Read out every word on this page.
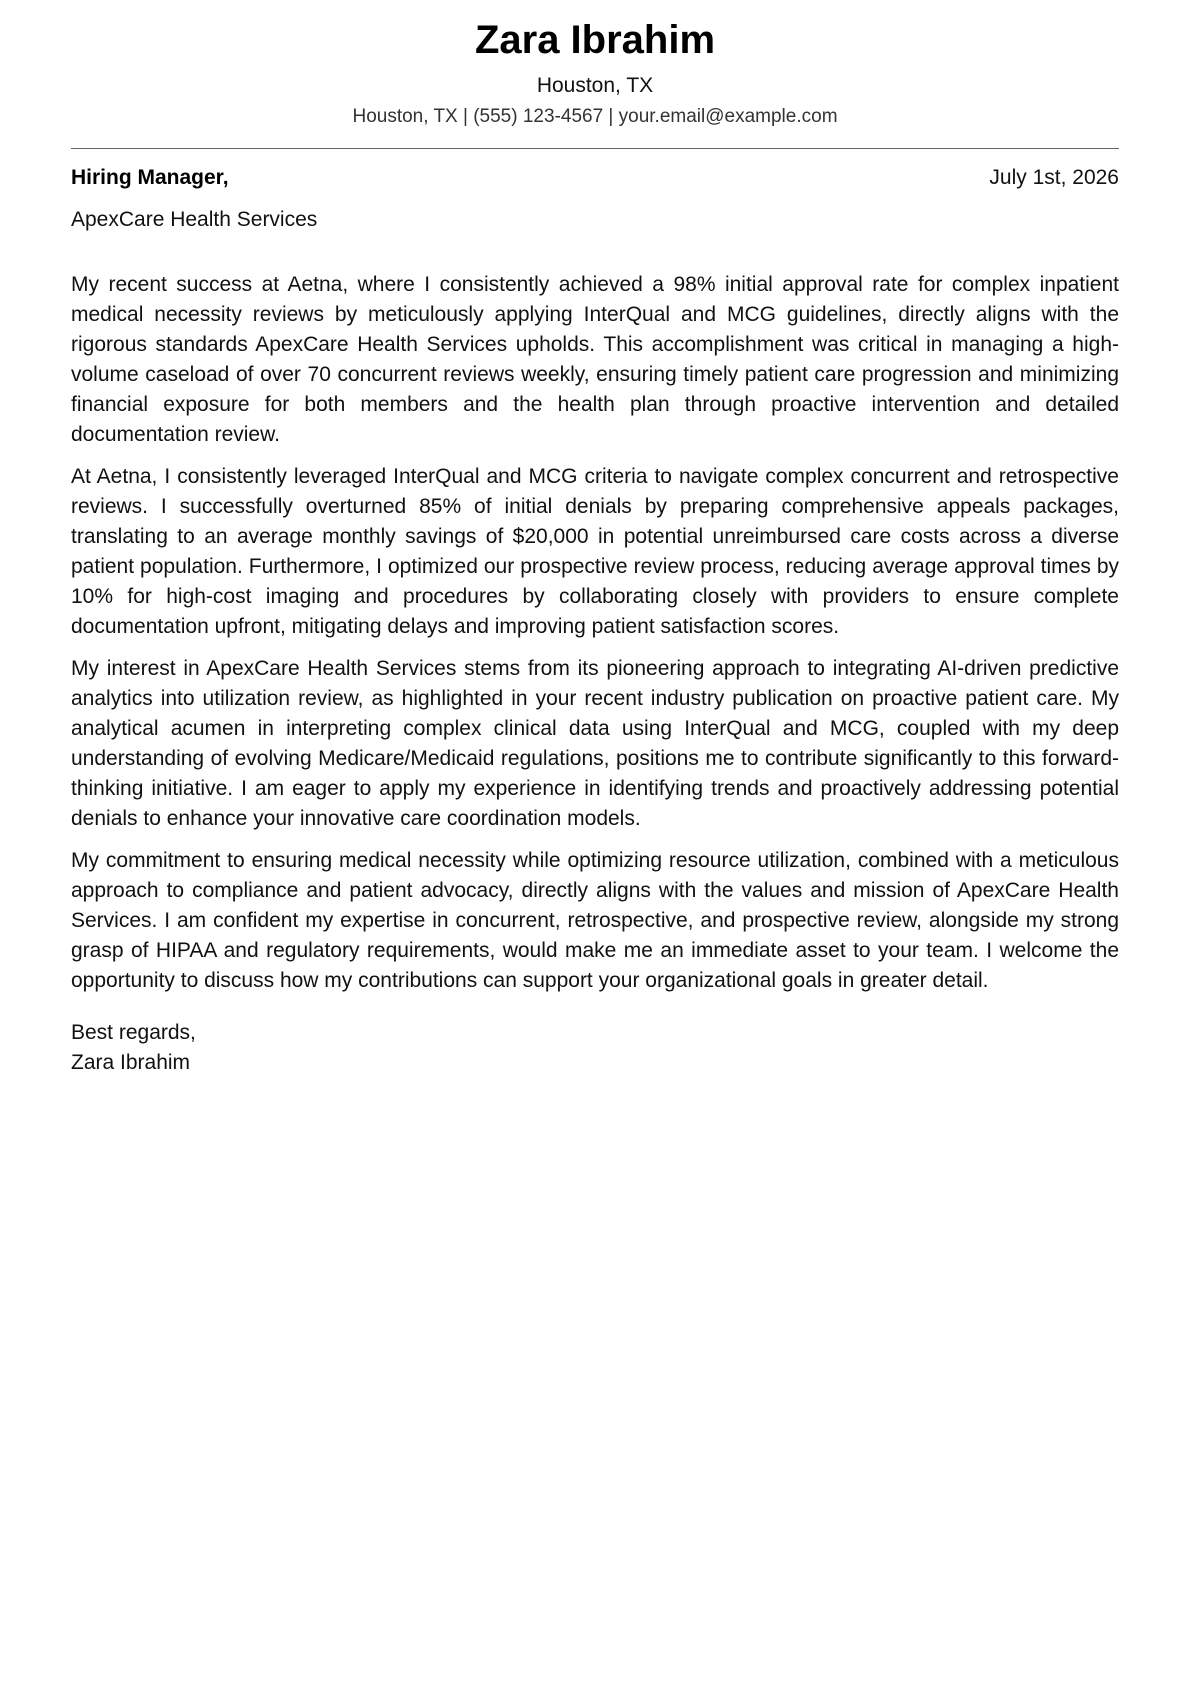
Zara Ibrahim
Houston, TX
Houston, TX | (555) 123-4567 | your.email@example.com
Hiring Manager,	July 1st, 2026
ApexCare Health Services

My recent success at Aetna, where I consistently achieved a 98% initial approval rate for complex inpatient medical necessity reviews by meticulously applying InterQual and MCG guidelines, directly aligns with the rigorous standards ApexCare Health Services upholds. This accomplishment was critical in managing a high-volume caseload of over 70 concurrent reviews weekly, ensuring timely patient care progression and minimizing financial exposure for both members and the health plan through proactive intervention and detailed documentation review.

At Aetna, I consistently leveraged InterQual and MCG criteria to navigate complex concurrent and retrospective reviews. I successfully overturned 85% of initial denials by preparing comprehensive appeals packages, translating to an average monthly savings of $20,000 in potential unreimbursed care costs across a diverse patient population. Furthermore, I optimized our prospective review process, reducing average approval times by 10% for high-cost imaging and procedures by collaborating closely with providers to ensure complete documentation upfront, mitigating delays and improving patient satisfaction scores.

My interest in ApexCare Health Services stems from its pioneering approach to integrating AI-driven predictive analytics into utilization review, as highlighted in your recent industry publication on proactive patient care. My analytical acumen in interpreting complex clinical data using InterQual and MCG, coupled with my deep understanding of evolving Medicare/Medicaid regulations, positions me to contribute significantly to this forward-thinking initiative. I am eager to apply my experience in identifying trends and proactively addressing potential denials to enhance your innovative care coordination models.

My commitment to ensuring medical necessity while optimizing resource utilization, combined with a meticulous approach to compliance and patient advocacy, directly aligns with the values and mission of ApexCare Health Services. I am confident my expertise in concurrent, retrospective, and prospective review, alongside my strong grasp of HIPAA and regulatory requirements, would make me an immediate asset to your team. I welcome the opportunity to discuss how my contributions can support your organizational goals in greater detail.

Best regards,
Zara Ibrahim
